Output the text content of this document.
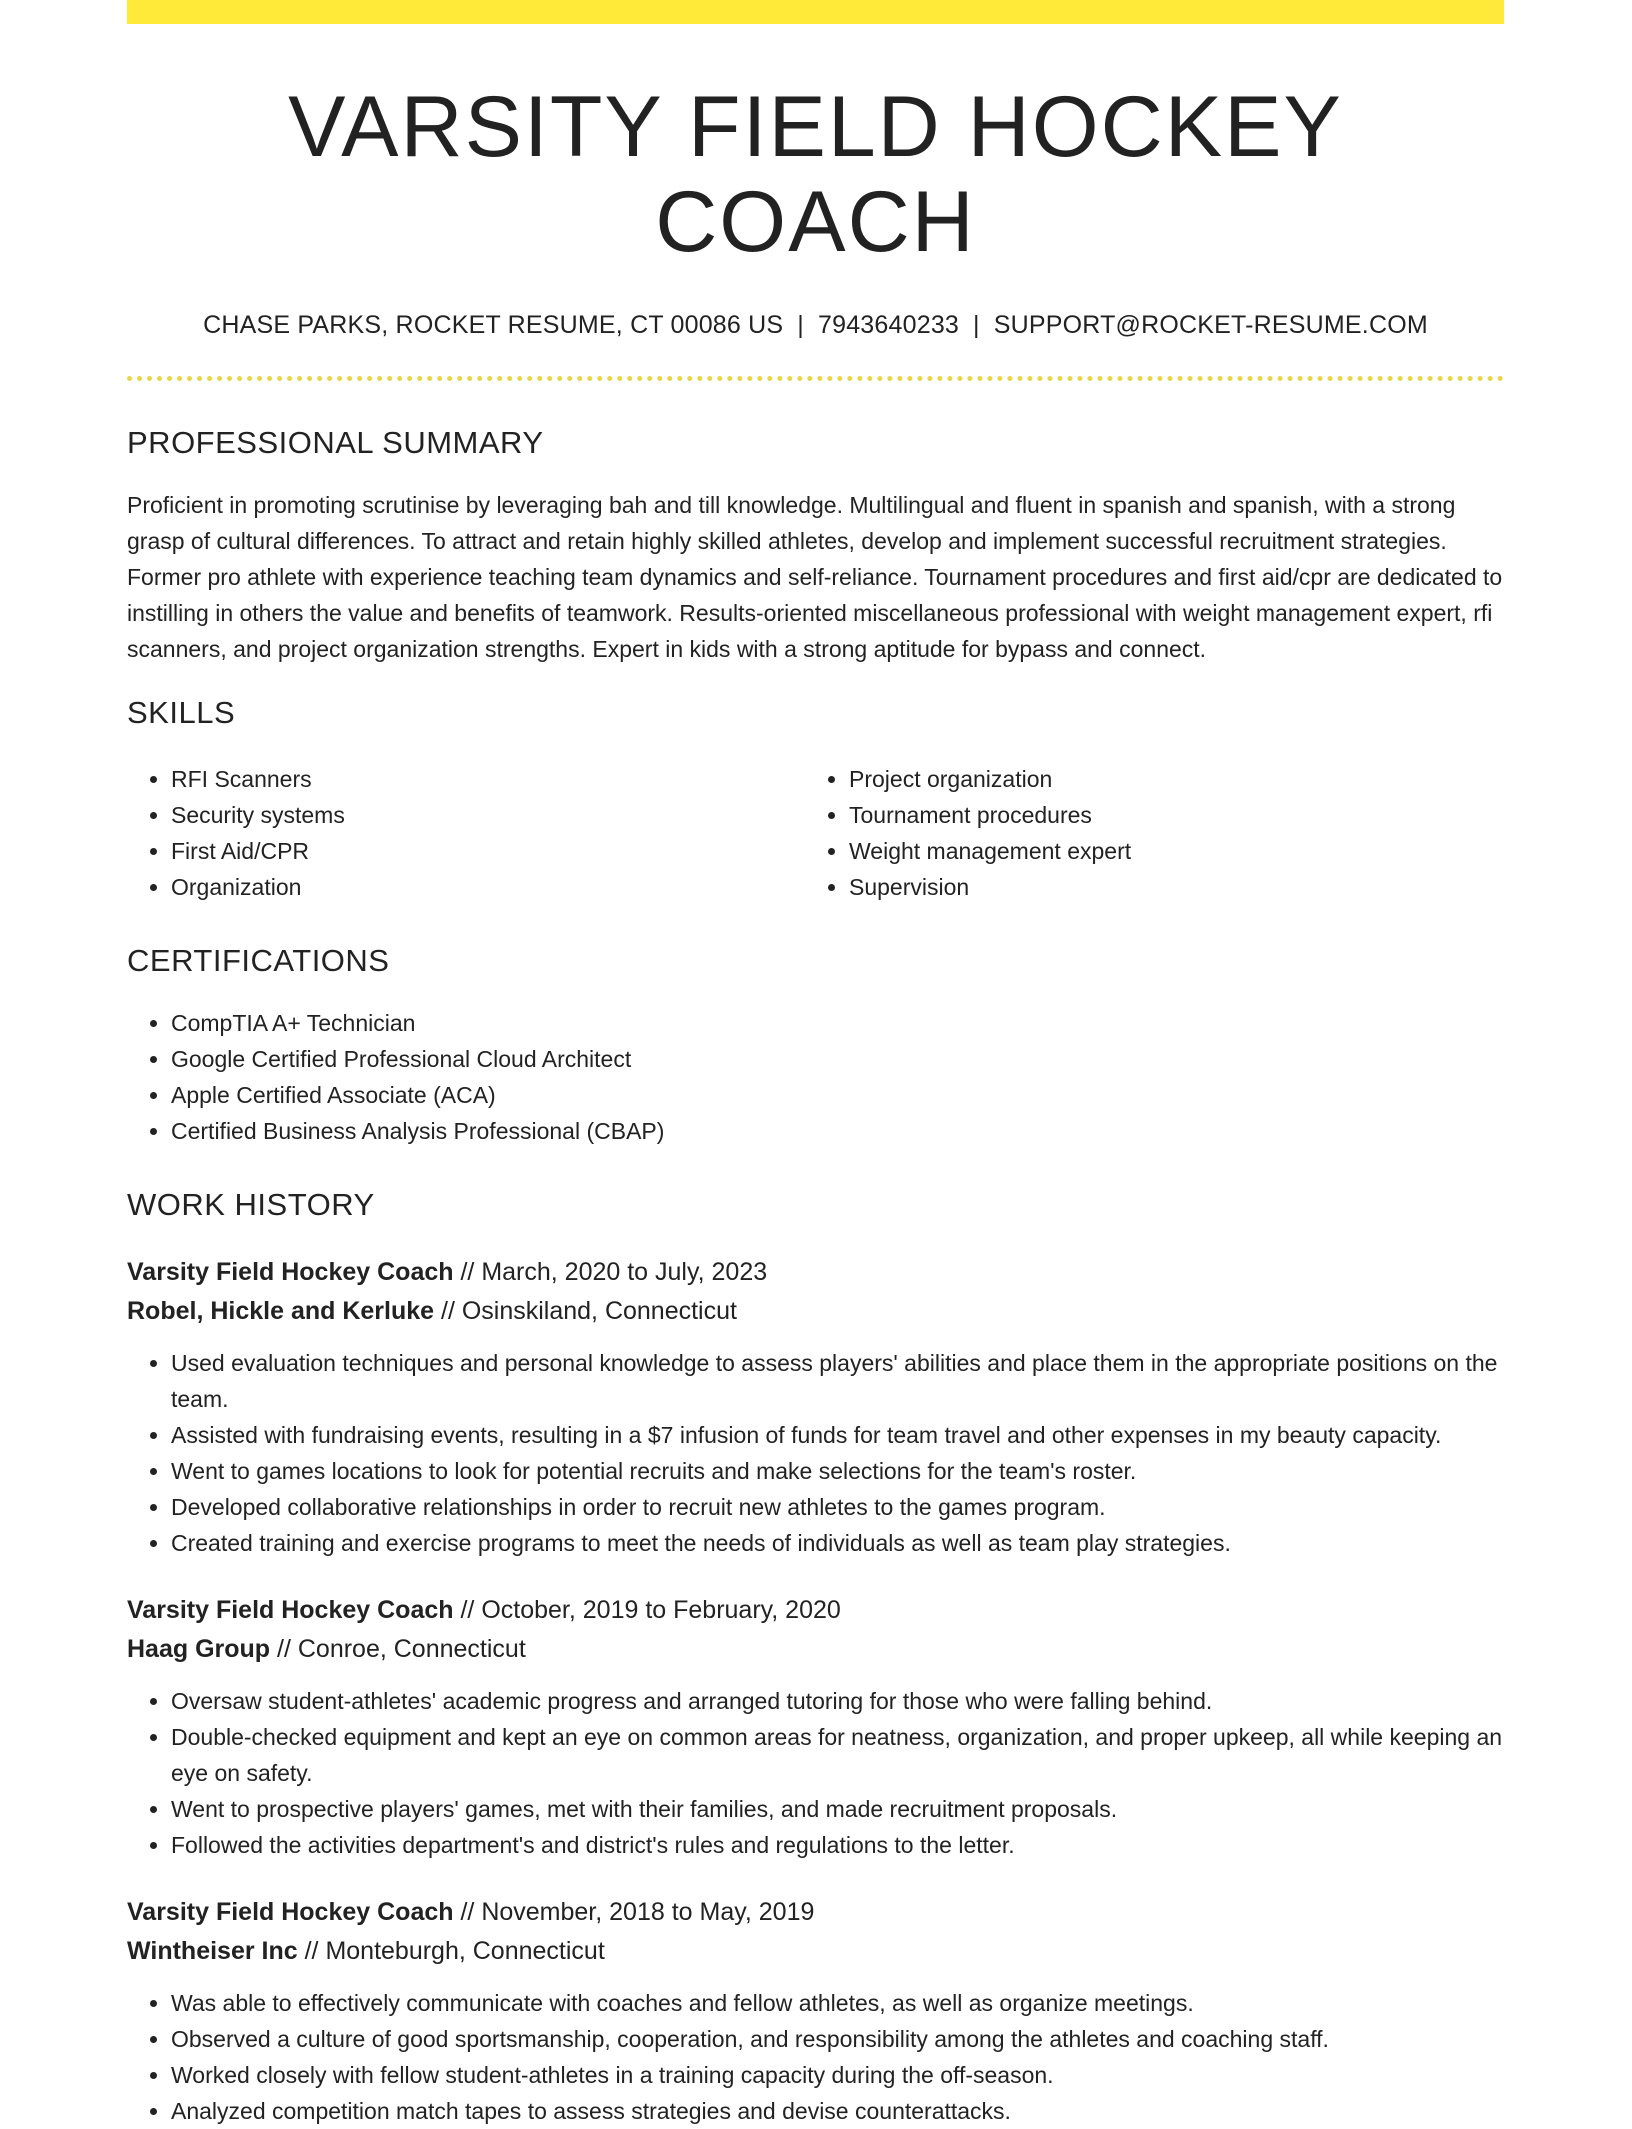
VARSITY FIELD HOCKEY COACH
CHASE PARKS, ROCKET RESUME, CT 00086 US | 7943640233 | SUPPORT@ROCKET-RESUME.COM
PROFESSIONAL SUMMARY
Proficient in promoting scrutinise by leveraging bah and till knowledge. Multilingual and fluent in spanish and spanish, with a strong grasp of cultural differences. To attract and retain highly skilled athletes, develop and implement successful recruitment strategies. Former pro athlete with experience teaching team dynamics and self-reliance. Tournament procedures and first aid/cpr are dedicated to instilling in others the value and benefits of teamwork. Results-oriented miscellaneous professional with weight management expert, rfi scanners, and project organization strengths. Expert in kids with a strong aptitude for bypass and connect.
SKILLS
• RFI Scanners
• Security systems
• First Aid/CPR
• Organization
• Project organization
• Tournament procedures
• Weight management expert
• Supervision
CERTIFICATIONS
• CompTIA A+ Technician
• Google Certified Professional Cloud Architect
• Apple Certified Associate (ACA)
• Certified Business Analysis Professional (CBAP)
WORK HISTORY
Varsity Field Hockey Coach // March, 2020 to July, 2023
Robel, Hickle and Kerluke // Osinskiland, Connecticut
• Used evaluation techniques and personal knowledge to assess players' abilities and place them in the appropriate positions on the team.
• Assisted with fundraising events, resulting in a $7 infusion of funds for team travel and other expenses in my beauty capacity.
• Went to games locations to look for potential recruits and make selections for the team's roster.
• Developed collaborative relationships in order to recruit new athletes to the games program.
• Created training and exercise programs to meet the needs of individuals as well as team play strategies.
Varsity Field Hockey Coach // October, 2019 to February, 2020
Haag Group // Conroe, Connecticut
• Oversaw student-athletes' academic progress and arranged tutoring for those who were falling behind.
• Double-checked equipment and kept an eye on common areas for neatness, organization, and proper upkeep, all while keeping an eye on safety.
• Went to prospective players' games, met with their families, and made recruitment proposals.
• Followed the activities department's and district's rules and regulations to the letter.
Varsity Field Hockey Coach // November, 2018 to May, 2019
Wintheiser Inc // Monteburgh, Connecticut
• Was able to effectively communicate with coaches and fellow athletes, as well as organize meetings.
• Observed a culture of good sportsmanship, cooperation, and responsibility among the athletes and coaching staff.
• Worked closely with fellow student-athletes in a training capacity during the off-season.
• Analyzed competition match tapes to assess strategies and devise counterattacks.
